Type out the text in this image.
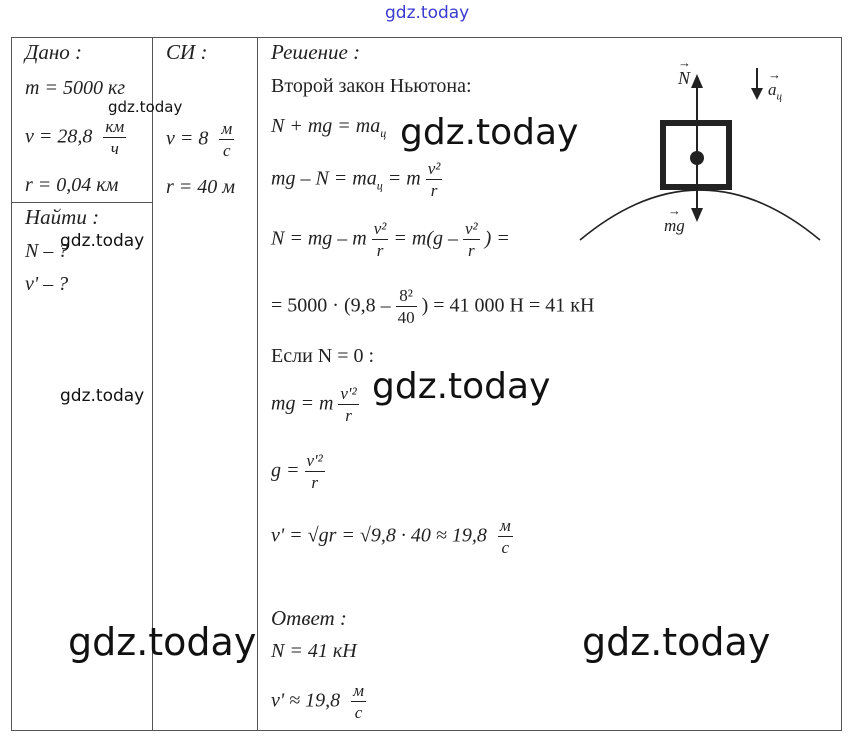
gdz.today
Дано :
m = 5000 кг
$v = 28,8 \frac{км}{ч}$
r = 0,04 км
Найти :
N – ?
v' – ?
СИ :
$v = 8 \frac{м}{с}$
r = 40 м
Решение :
Второй закон Ньютона:
N + mg = $ma_ц$
mg – $N = ma_ц = m \frac{\text{v²}}{r}$
N = mg – m $\frac{\text{v²}}{r} = m(g - \frac{\text{v²}}{r}$ ) =
= $5000 \cdot (9,8 - \frac{\text{8²}}{40}$ ) = 41 000 Н = 41 кН
Если N = 0 :
mg = m $\frac{\text{v'²}}{r}$
$g = \frac{\text{v'²}}{r}$
$v' = √gr = √9,8 \cdot 40 \approx 19,8 \frac{м}{с}$
Ответ :
N = 41 кН
$v' \approx 19,8 \frac{м}{с}$
→ N
→ $a_ц$
→ mg
gdz.today
gdz.today
gdz.today
gdz.today
gdz.today
gdz.today	gdz.today
